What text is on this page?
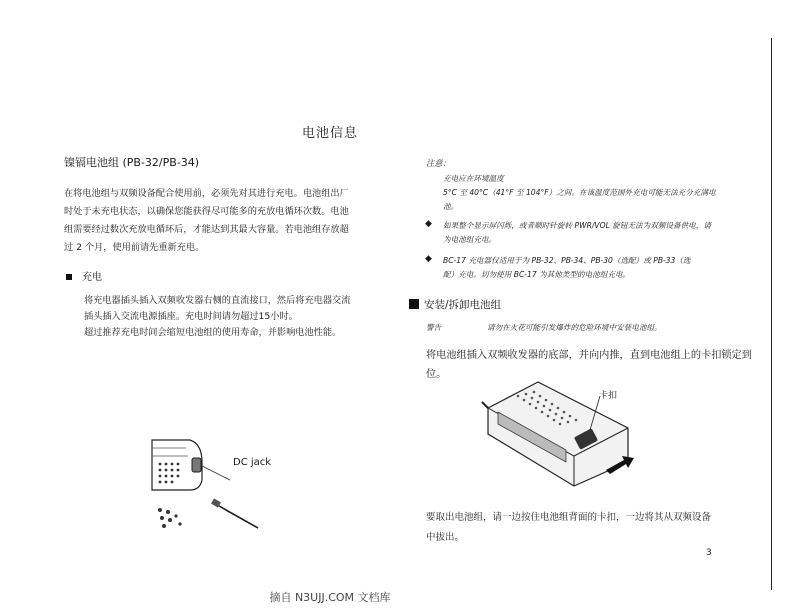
电池信息
镍镉电池组 (PB-32/PB-34)
在将电池组与双频设备配合使用前，必须先对其进行充电。电池组出厂
时处于未充电状态，以确保您能获得尽可能多的充放电循环次数。电池
组需要经过数次充放电循环后，才能达到其最大容量。若电池组存放超
过 2 个月，使用前请先重新充电。
充电
将充电器插头插入双频收发器右侧的直流接口，然后将充电器交流
插头插入交流电源插座。充电时间请勿超过15小时。
超过推荐充电时间会缩短电池组的使用寿命，并影响电池性能。
DC jack
注意：
充电应在环境温度
5°C 至 40°C（41°F 至 104°F）之间。在该温度范围外充电可能无法充分充满电
池。
◆ 如果整个显示屏闪烁，或者顺时针旋转 PWR/VOL 旋钮无法为双频设备供电，请
为电池组充电。
◆ BC-17 充电器仅适用于为 PB-32、PB-34、PB-30（选配）或 PB-33（选
配）充电。切勿使用 BC-17 为其他类型的电池组充电。
安装/拆卸电池组
警告	请勿在火花可能引发爆炸的危险环境中安装电池组。
将电池组插入双频收发器的底部，并向内推，直到电池组上的卡扣锁定到
位。
卡扣
要取出电池组，请一边按住电池组背面的卡扣，一边将其从双频设备
中拔出。
3
摘自 N3UJJ.COM 文档库
